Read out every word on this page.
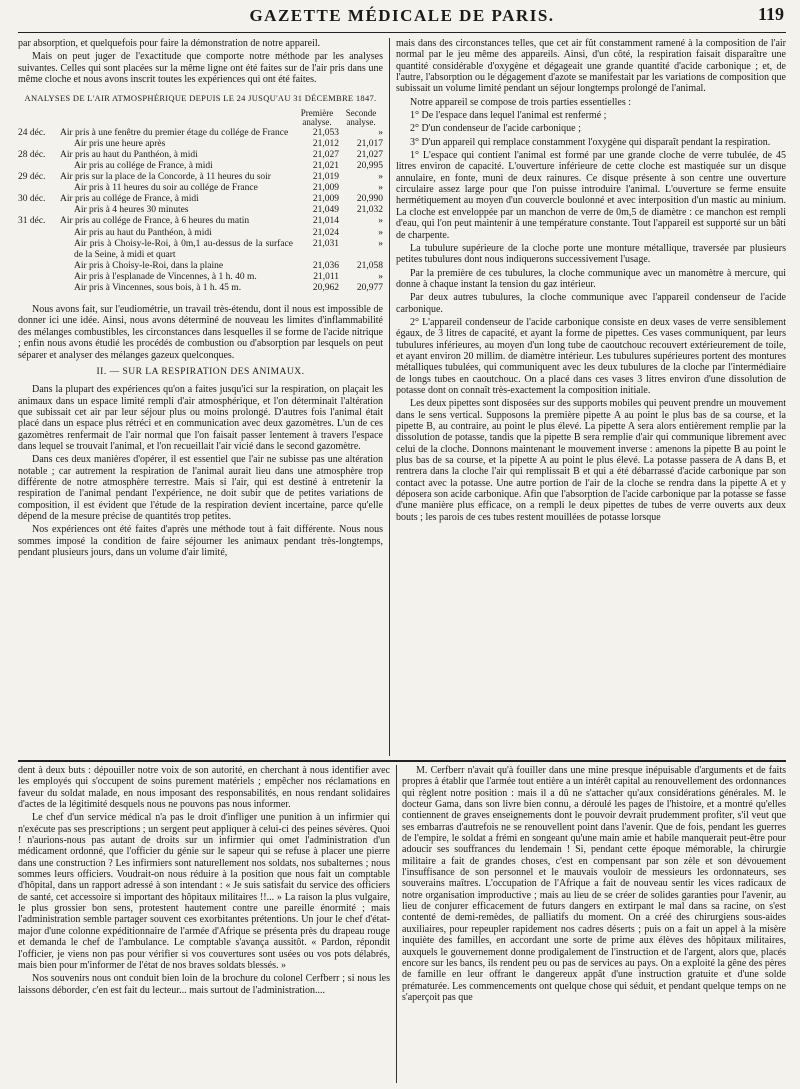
GAZETTE MÉDICALE DE PARIS.	119

par absorption, et quelquefois pour faire la démonstration de notre appareil.

Mais on peut juger de l'exactitude que comporte notre méthode par les analyses suivantes. Celles qui sont placées sur la même ligne ont été faites sur de l'air pris dans une même cloche et nous avons inscrit toutes les expériences qui ont été faites.

ANALYSES DE L'AIR ATMOSPHÉRIQUE DEPUIS LE 24 JUSQU'AU 31 DÉCEMBRE 1847.
		Première analyse.	Seconde analyse.
24 déc.	Air pris à une fenêtre du premier étage du collége de France	21,053	»
	Air pris une heure après	21,012	21,017
28 déc.	Air pris au haut du Panthéon, à midi	21,027	21,027
	Air pris au collége de France, à midi	21,021	20,995
29 déc.	Air pris sur la place de la Concorde, à 11 heures du soir	21,019	»
	Air pris à 11 heures du soir au collége de France	21,009	»
30 déc.	Air pris au collége de France, à midi	21,009	20,990
	Air pris à 4 heures 30 minutes	21,049	21,032
31 déc.	Air pris au collége de France, à 6 heures du matin	21,014	»
	Air pris au haut du Panthéon, à midi	21,024	»
	Air pris à Choisy-le-Roi, à 0m,1 au-dessus de la surface de la Seine, à midi et quart	21,031	»
	Air pris à Choisy-le-Roi, dans la plaine	21,036	21,058
	Air pris à l'esplanade de Vincennes, à 1 h. 40 m.	21,011	»
	Air pris à Vincennes, sous bois, à 1 h. 45 m.	20,962	20,977

Nous avons fait, sur l'eudiométrie, un travail très-étendu, dont il nous est impossible de donner ici une idée. Ainsi, nous avons déterminé de nouveau les limites d'inflammabilité des mélanges combustibles, les circonstances dans lesquelles il se forme de l'acide nitrique ; enfin nous avons étudié les procédés de combustion ou d'absorption par lesquels on peut séparer et analyser des mélanges gazeux quelconques.

II. — SUR LA RESPIRATION DES ANIMAUX.

Dans la plupart des expériences qu'on a faites jusqu'ici sur la respiration, on plaçait les animaux dans un espace limité rempli d'air atmosphérique, et l'on déterminait l'altération que subissait cet air par leur séjour plus ou moins prolongé. D'autres fois l'animal était placé dans un espace plus rétréci et en communication avec deux gazomètres. L'un de ces gazomètres renfermait de l'air normal que l'on faisait passer lentement à travers l'espace dans lequel se trouvait l'animal, et l'on recueillait l'air vicié dans le second gazomètre.

Dans ces deux manières d'opérer, il est essentiel que l'air ne subisse pas une altération notable ; car autrement la respiration de l'animal aurait lieu dans une atmosphère trop différente de notre atmosphère terrestre. Mais si l'air, qui est destiné à entretenir la respiration de l'animal pendant l'expérience, ne doit subir que de petites variations de composition, il est évident que l'étude de la respiration devient incertaine, parce qu'elle dépend de la mesure précise de quantités trop petites.

Nos expériences ont été faites d'après une méthode tout à fait différente. Nous nous sommes imposé la condition de faire séjourner les animaux pendant très-longtemps, pendant plusieurs jours, dans un volume d'air limité,

mais dans des circonstances telles, que cet air fût constamment ramené à la composition de l'air normal par le jeu même des appareils. Ainsi, d'un côté, la respiration faisait disparaître une quantité considérable d'oxygène et dégageait une grande quantité d'acide carbonique ; et, de l'autre, l'absorption ou le dégagement d'azote se manifestait par les variations de composition que subissait un volume limité pendant un séjour longtemps prolongé de l'animal.

Notre appareil se compose de trois parties essentielles :

1° De l'espace dans lequel l'animal est renfermé ;

2° D'un condenseur de l'acide carbonique ;

3° D'un appareil qui remplace constamment l'oxygène qui disparaît pendant la respiration.

1° L'espace qui contient l'animal est formé par une grande cloche de verre tubulée, de 45 litres environ de capacité. L'ouverture inférieure de cette cloche est mastiquée sur un disque annulaire, en fonte, muni de deux rainures. Ce disque présente à son centre une ouverture circulaire assez large pour que l'on puisse introduire l'animal. L'ouverture se ferme ensuite hermétiquement au moyen d'un couvercle boulonné et avec interposition d'un mastic au minium. La cloche est enveloppée par un manchon de verre de 0m,5 de diamètre : ce manchon est rempli d'eau, qui l'on peut maintenir à une température constante. Tout l'appareil est supporté sur un bâti de charpente.

La tubulure supérieure de la cloche porte une monture métallique, traversée par plusieurs petites tubulures dont nous indiquerons successivement l'usage.

Par la première de ces tubulures, la cloche communique avec un manomètre à mercure, qui donne à chaque instant la tension du gaz intérieur.

Par deux autres tubulures, la cloche communique avec l'appareil condenseur de l'acide carbonique.

2° L'appareil condenseur de l'acide carbonique consiste en deux vases de verre sensiblement égaux, de 3 litres de capacité, et ayant la forme de pipettes. Ces vases communiquent, par leurs tubulures inférieures, au moyen d'un long tube de caoutchouc recouvert extérieurement de toile, et ayant environ 20 millim. de diamètre intérieur. Les tubulures supérieures portent des montures métalliques tubulées, qui communiquent avec les deux tubulures de la cloche par l'intermédiaire de longs tubes en caoutchouc. On a placé dans ces vases 3 litres environ d'une dissolution de potasse dont on connaît très-exactement la composition initiale.

Les deux pipettes sont disposées sur des supports mobiles qui peuvent prendre un mouvement dans le sens vertical. Supposons la première pipette A au point le plus bas de sa course, et la pipette B, au contraire, au point le plus élevé. La pipette A sera alors entièrement remplie par la dissolution de potasse, tandis que la pipette B sera remplie d'air qui communique librement avec celui de la cloche. Donnons maintenant le mouvement inverse : amenons la pipette B au point le plus bas de sa course, et la pipette A au point le plus élevé. La potasse passera de A dans B, et rentrera dans la cloche l'air qui remplissait B et qui a été débarrassé d'acide carbonique par son contact avec la potasse. Une autre portion de l'air de la cloche se rendra dans la pipette A et y déposera son acide carbonique. Afin que l'absorption de l'acide carbonique par la potasse se fasse d'une manière plus efficace, on a rempli le deux pipettes de tubes de verre ouverts aux deux bouts ; les parois de ces tubes restent mouillées de potasse lorsque

dent à deux buts : dépouiller notre voix de son autorité, en cherchant à nous identifier avec les employés qui s'occupent de soins purement matériels ; empêcher nos réclamations en faveur du soldat malade, en nous imposant des responsabilités, en nous rendant solidaires d'actes de la légitimité desquels nous ne pouvons pas nous informer.

Le chef d'un service médical n'a pas le droit d'infliger une punition à un infirmier qui n'exécute pas ses prescriptions ; un sergent peut appliquer à celui-ci des peines sévères. Quoi ! n'aurions-nous pas autant de droits sur un infirmier qui omet l'administration d'un médicament ordonné, que l'officier du génie sur le sapeur qui se refuse à placer une pierre dans une construction ? Les infirmiers sont naturellement nos soldats, nos subalternes ; nous sommes leurs officiers. Voudrait-on nous réduire à la position que nous fait un comptable d'hôpital, dans un rapport adressé à son intendant : « Je suis satisfait du service des officiers de santé, cet accessoire si important des hôpitaux militaires !!... » La raison la plus vulgaire, le plus grossier bon sens, protestent hautement contre une pareille énormité ; mais l'administration semble partager souvent ces exorbitantes prétentions. Un jour le chef d'état-major d'une colonne expéditionnaire de l'armée d'Afrique se présenta près du drapeau rouge et demanda le chef de l'ambulance. Le comptable s'avança aussitôt. « Pardon, répondit l'officier, je viens non pas pour vérifier si vos couvertures sont usées ou vos pots délabrés, mais bien pour m'informer de l'état de nos braves soldats blessés. »

Nos souvenirs nous ont conduit bien loin de la brochure du colonel Cerfberr ; si nous les laissons déborder, c'en est fait du lecteur... mais surtout de l'administration....

M. Cerfberr n'avait qu'à fouiller dans une mine presque inépuisable d'arguments et de faits propres à établir que l'armée tout entière a un intérêt capital au renouvellement des ordonnances qui règlent notre position : mais il a dû ne s'attacher qu'aux considérations générales. M. le docteur Gama, dans son livre bien connu, a déroulé les pages de l'histoire, et a montré qu'elles contiennent de graves enseignements dont le pouvoir devrait prudemment profiter, s'il veut que ses embarras d'autrefois ne se renouvellent point dans l'avenir. Que de fois, pendant les guerres de l'empire, le soldat a frémi en songeant qu'une main amie et habile manquerait peut-être pour adoucir ses souffrances du lendemain ! Si, pendant cette époque mémorable, la chirurgie militaire a fait de grandes choses, c'est en compensant par son zèle et son dévouement l'insuffisance de son personnel et le mauvais vouloir de messieurs les ordonnateurs, ses souverains maîtres. L'occupation de l'Afrique a fait de nouveau sentir les vices radicaux de notre organisation improductive ; mais au lieu de se créer de solides garanties pour l'avenir, au lieu de conjurer efficacement de futurs dangers en extirpant le mal dans sa racine, on s'est contenté de demi-remèdes, de palliatifs du moment. On a créé des chirurgiens sous-aides auxiliaires, pour repeupler rapidement nos cadres déserts ; puis on a fait un appel à la misère inquiète des familles, en accordant une sorte de prime aux élèves des hôpitaux militaires, auxquels le gouvernement donne prodigalement de l'instruction et de l'argent, alors que, placés encore sur les bancs, ils rendent peu ou pas de services au pays. On a exploité la gêne des pères de famille en leur offrant le dangereux appât d'une instruction gratuite et d'une solde prématurée. Les commencements ont quelque chose qui séduit, et pendant quelque temps on ne s'aperçoit pas que
